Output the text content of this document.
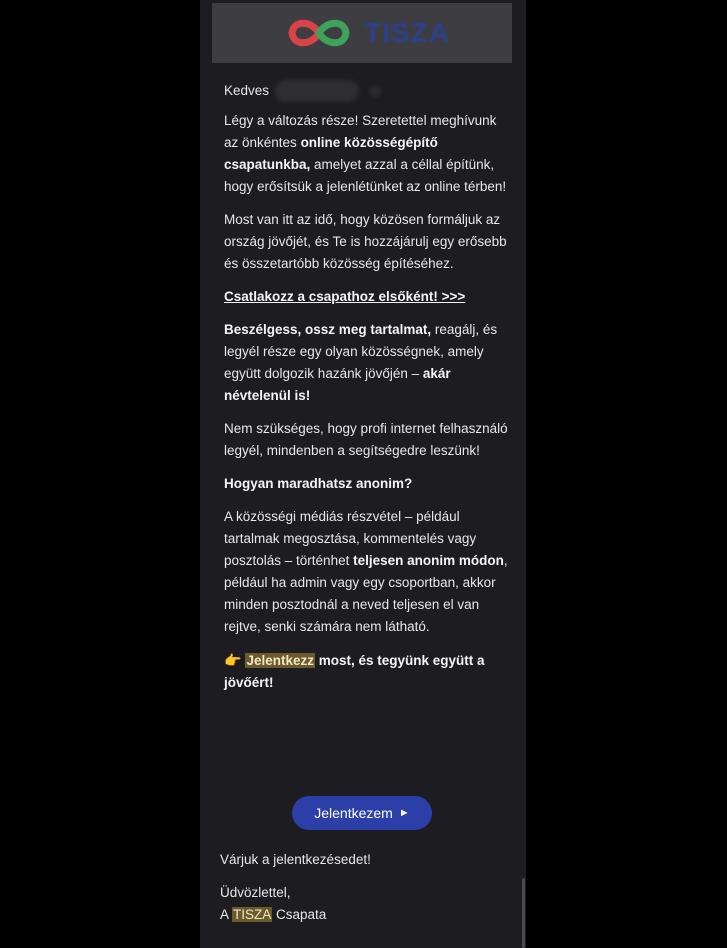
TISZA
Kedves

Légy a változás része! Szeretettel meghívunk az önkéntes online közösségépítő csapatunkba, amelyet azzal a céllal építünk, hogy erősítsük a jelenlétünket az online térben!

Most van itt az idő, hogy közösen formáljuk az ország jövőjét, és Te is hozzájárulj egy erősebb és összetartóbb közösség építéséhez.

Csatlakozz a csapathoz elsőként! >>>

Beszélgess, ossz meg tartalmat, reagálj, és legyél része egy olyan közösségnek, amely együtt dolgozik hazánk jövőjén – akár névtelenül is!

Nem szükséges, hogy profi internet felhasználó legyél, mindenben a segítségedre leszünk!

Hogyan maradhatsz anonim?

A közösségi médiás részvétel – például tartalmak megosztása, kommentelés vagy posztolás – történhet teljesen anonim módon, például ha admin vagy egy csoportban, akkor minden posztodnál a neved teljesen el van rejtve, senki számára nem látható.

👉 Jelentkezz most, és tegyünk együtt a jövőért!

Jelentkezem ►

Várjuk a jelentkezésedet!

Üdvözlettel,
A TISZA Csapata
